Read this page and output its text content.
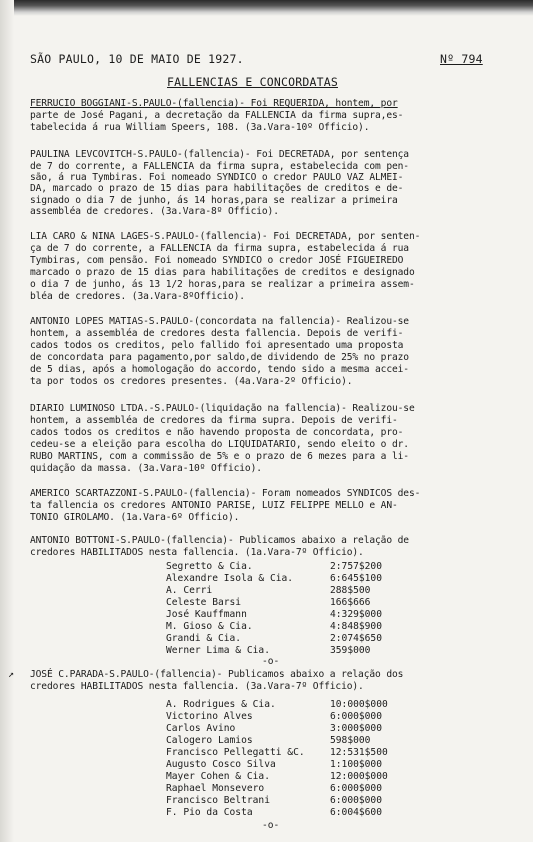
SÃO PAULO, 10 DE MAIO DE 1927.	Nº 794
FALLENCIAS E CONCORDATAS
FERRUCIO BOGGIANI-S.PAULO-(fallencia)- Foi REQUERIDA, hontem, por
parte de José Pagani, a decretação da FALLENCIA da firma supra,es-
tabelecida á rua William Speers, 108. (3a.Vara-10º Officio).
PAULINA LEVCOVITCH-S.PAULO-(fallencia)- Foi DECRETADA, por sentença
de 7 do corrente, a FALLENCIA da firma supra, estabelecida com pen-
são, á rua Tymbiras. Foi nomeado SYNDICO o credor PAULO VAZ ALMEI-
DA, marcado o prazo de 15 dias para habilitações de creditos e de-
signado o dia 7 de junho, ás 14 horas,para se realizar a primeira
assembléa de credores. (3a.Vara-8º Officio).
LIA CARO & NINA LAGES-S.PAULO-(fallencia)- Foi DECRETADA, por senten-
ça de 7 do corrente, a FALLENCIA da firma supra, estabelecida á rua
Tymbiras, com pensão. Foi nomeado SYNDICO o credor JOSÉ FIGUEIREDO
marcado o prazo de 15 dias para habilitações de creditos e designado
o dia 7 de junho, ás 13 1/2 horas,para se realizar a primeira assem-
bléa de credores. (3a.Vara-8ºOfficio).
ANTONIO LOPES MATIAS-S.PAULO-(concordata na fallencia)- Realizou-se
hontem, a assembléa de credores desta fallencia. Depois de verifi-
cados todos os creditos, pelo fallido foi apresentado uma proposta
de concordata para pagamento,por saldo,de dividendo de 25% no prazo
de 5 dias, após a homologação do accordo, tendo sido a mesma accei-
ta por todos os credores presentes. (4a.Vara-2º Officio).
DIARIO LUMINOSO LTDA.-S.PAULO-(liquidação na fallencia)- Realizou-se
hontem, a assembléa de credores da firma supra. Depois de verifi-
cados todos os creditos e não havendo proposta de concordata, pro-
cedeu-se a eleição para escolha do LIQUIDATARIO, sendo eleito o dr.
RUBO MARTINS, com a commissão de 5% e o prazo de 6 mezes para a li-
quidação da massa. (3a.Vara-10º Officio).
AMERICO SCARTAZZONI-S.PAULO-(fallencia)- Foram nomeados SYNDICOS des-
ta fallencia os credores ANTONIO PARISE, LUIZ FELIPPE MELLO e AN-
TONIO GIROLAMO. (1a.Vara-6º Officio).
ANTONIO BOTTONI-S.PAULO-(fallencia)- Publicamos abaixo a relação de
credores HABILITADOS nesta fallencia. (1a.Vara-7º Officio).
Segretto & Cia.	2:757$200
Alexandre Isola & Cia.	6:645$100
A. Cerri	288$500
Celeste Barsi	166$666
José Kauffmann	4:329$000
M. Gioso & Cia.	4:848$900
Grandi & Cia.	2:074$650
Werner Lima & Cia.	359$000
-o-
↗ JOSÉ C.PARADA-S.PAULO-(fallencia)- Publicamos abaixo a relação dos
credores HABILITADOS nesta fallencia. (3a.Vara-7º Officio).
A. Rodrigues & Cia.	10:000$000
Victorino Alves	6:000$000
Carlos Avino	3:000$000
Calogero Lamios	598$000
Francisco Pellegatti &C.	12:531$500
Augusto Cosco Silva	1:100$000
Mayer Cohen & Cia.	12:000$000
Raphael Monsevero	6:000$000
Francisco Beltrani	6:000$000
F. Pio da Costa	6:004$600
-o-
